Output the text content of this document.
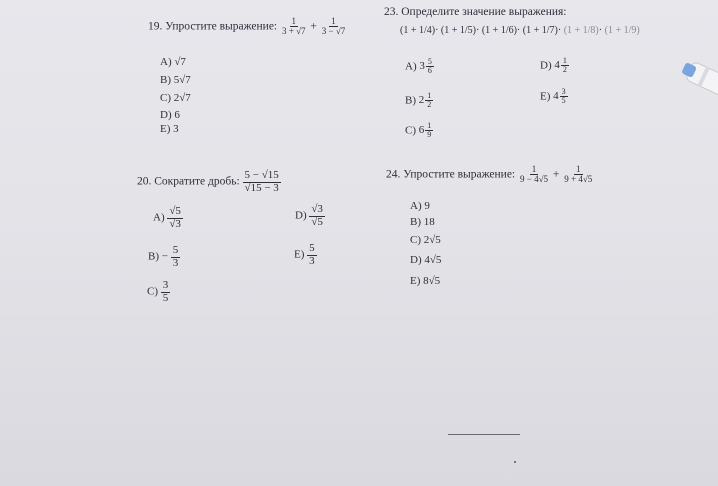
19. Упростите выражение: $\frac{1}{3 + √7} + \frac{1}{3 - √7}$
A) √7
B) 5√7
C) 2√7
D) 6
E) 3
23. Определите значение выражения:
(1 + 1/4)· (1 + 1/5)· (1 + 1/6)· (1 + 1/7)· (1 + 1/8)· (1 + 1/9)
A) $3 \frac{5}{6}$
B) $2 \frac{1}{2}$
C) $6 \frac{1}{9}$
D) $4 \frac{1}{2}$
E) $4 \frac{3}{5}$
20. Сократите дробь: $\frac{5 - √15}{√15 - 3}$
$A) \frac{√5}{√3}$
$B) - \frac{5}{3}$
$C) \frac{3}{5}$
$D) \frac{√3}{√5}$
$E) \frac{5}{3}$
24. Упростите выражение: $\frac{1}{9 - 4√5} + \frac{1}{9 + 4√5}$
A) 9
B) 18
C) 2√5
D) 4√5
E) 8√5
